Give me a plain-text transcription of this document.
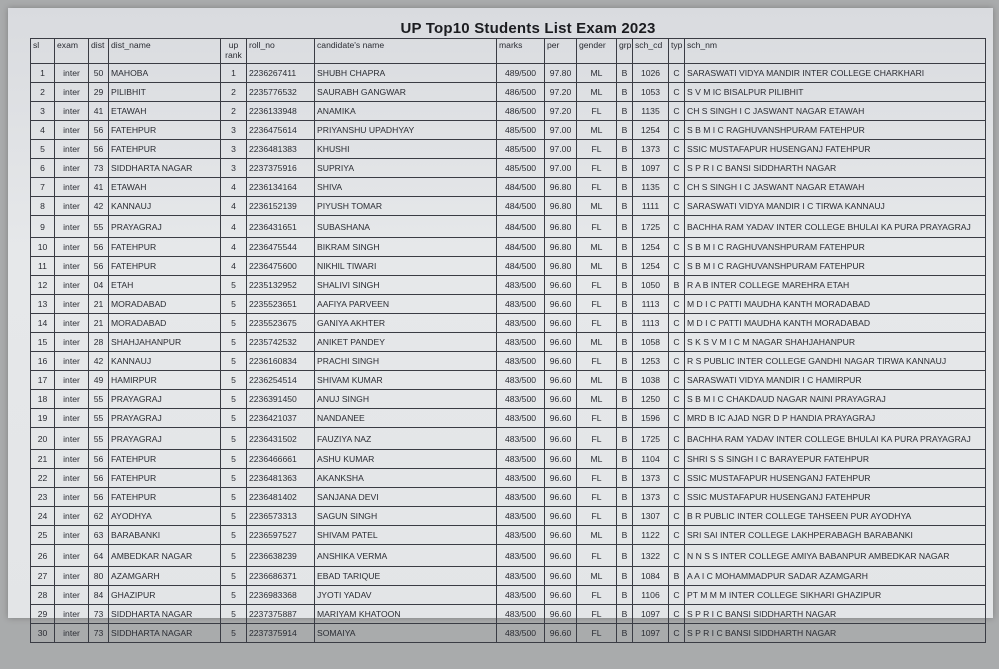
UP Top10 Students List Exam 2023
sl	exam	dist	dist_name	up rank	roll_no	candidate's name	marks	per	gender	grp	sch_cd	typ	sch_nm
1	inter	50	MAHOBA	1	2236267411	SHUBH CHAPRA	489/500	97.80	ML	B	1026	C	SARASWATI VIDYA MANDIR INTER COLLEGE CHARKHARI
2	inter	29	PILIBHIT	2	2235776532	SAURABH GANGWAR	486/500	97.20	ML	B	1053	C	S V M IC BISALPUR PILIBHIT
3	inter	41	ETAWAH	2	2236133948	ANAMIKA	486/500	97.20	FL	B	1135	C	CH S SINGH I C JASWANT NAGAR ETAWAH
4	inter	56	FATEHPUR	3	2236475614	PRIYANSHU UPADHYAY	485/500	97.00	ML	B	1254	C	S B M I C RAGHUVANSHPURAM FATEHPUR
5	inter	56	FATEHPUR	3	2236481383	KHUSHI	485/500	97.00	FL	B	1373	C	SSIC MUSTAFAPUR HUSENGANJ FATEHPUR
6	inter	73	SIDDHARTA NAGAR	3	2237375916	SUPRIYA	485/500	97.00	FL	B	1097	C	S P R I C BANSI SIDDHARTH NAGAR
7	inter	41	ETAWAH	4	2236134164	SHIVA	484/500	96.80	FL	B	1135	C	CH S SINGH I C JASWANT NAGAR ETAWAH
8	inter	42	KANNAUJ	4	2236152139	PIYUSH TOMAR	484/500	96.80	ML	B	1111	C	SARASWATI VIDYA MANDIR I C TIRWA KANNAUJ
9	inter	55	PRAYAGRAJ	4	2236431651	SUBASHANA	484/500	96.80	FL	B	1725	C	BACHHA RAM YADAV INTER COLLEGE BHULAI KA PURA PRAYAGRAJ
10	inter	56	FATEHPUR	4	2236475544	BIKRAM SINGH	484/500	96.80	ML	B	1254	C	S B M I C RAGHUVANSHPURAM FATEHPUR
11	inter	56	FATEHPUR	4	2236475600	NIKHIL TIWARI	484/500	96.80	ML	B	1254	C	S B M I C RAGHUVANSHPURAM FATEHPUR
12	inter	04	ETAH	5	2235132952	SHALIVI SINGH	483/500	96.60	FL	B	1050	B	R A B INTER COLLEGE MAREHRA ETAH
13	inter	21	MORADABAD	5	2235523651	AAFIYA PARVEEN	483/500	96.60	FL	B	1113	C	M D I C PATTI MAUDHA KANTH MORADABAD
14	inter	21	MORADABAD	5	2235523675	GANIYA AKHTER	483/500	96.60	FL	B	1113	C	M D I C PATTI MAUDHA KANTH MORADABAD
15	inter	28	SHAHJAHANPUR	5	2235742532	ANIKET PANDEY	483/500	96.60	ML	B	1058	C	S K S V M I C M NAGAR SHAHJAHANPUR
16	inter	42	KANNAUJ	5	2236160834	PRACHI SINGH	483/500	96.60	FL	B	1253	C	R S PUBLIC INTER COLLEGE GANDHI NAGAR TIRWA KANNAUJ
17	inter	49	HAMIRPUR	5	2236254514	SHIVAM KUMAR	483/500	96.60	ML	B	1038	C	SARASWATI VIDYA MANDIR I C HAMIRPUR
18	inter	55	PRAYAGRAJ	5	2236391450	ANUJ SINGH	483/500	96.60	ML	B	1250	C	S B M I C CHAKDAUD NAGAR NAINI PRAYAGRAJ
19	inter	55	PRAYAGRAJ	5	2236421037	NANDANEE	483/500	96.60	FL	B	1596	C	MRD B IC AJAD NGR D P HANDIA PRAYAGRAJ
20	inter	55	PRAYAGRAJ	5	2236431502	FAUZIYA NAZ	483/500	96.60	FL	B	1725	C	BACHHA RAM YADAV INTER COLLEGE BHULAI KA PURA PRAYAGRAJ
21	inter	56	FATEHPUR	5	2236466661	ASHU KUMAR	483/500	96.60	ML	B	1104	C	SHRI S S SINGH I C BARAYEPUR FATEHPUR
22	inter	56	FATEHPUR	5	2236481363	AKANKSHA	483/500	96.60	FL	B	1373	C	SSIC MUSTAFAPUR HUSENGANJ FATEHPUR
23	inter	56	FATEHPUR	5	2236481402	SANJANA DEVI	483/500	96.60	FL	B	1373	C	SSIC MUSTAFAPUR HUSENGANJ FATEHPUR
24	inter	62	AYODHYA	5	2236573313	SAGUN SINGH	483/500	96.60	FL	B	1307	C	B R PUBLIC INTER COLLEGE TAHSEEN PUR AYODHYA
25	inter	63	BARABANKI	5	2236597527	SHIVAM PATEL	483/500	96.60	ML	B	1122	C	SRI SAI INTER COLLEGE LAKHPERABAGH BARABANKI
26	inter	64	AMBEDKAR NAGAR	5	2236638239	ANSHIKA VERMA	483/500	96.60	FL	B	1322	C	N N S S INTER COLLEGE AMIYA BABANPUR AMBEDKAR NAGAR
27	inter	80	AZAMGARH	5	2236686371	EBAD TARIQUE	483/500	96.60	ML	B	1084	B	A A I C MOHAMMADPUR SADAR AZAMGARH
28	inter	84	GHAZIPUR	5	2236983368	JYOTI YADAV	483/500	96.60	FL	B	1106	C	PT M M M INTER COLLEGE SIKHARI GHAZIPUR
29	inter	73	SIDDHARTA NAGAR	5	2237375887	MARIYAM KHATOON	483/500	96.60	FL	B	1097	C	S P R I C BANSI SIDDHARTH NAGAR
30	inter	73	SIDDHARTA NAGAR	5	2237375914	SOMAIYA	483/500	96.60	FL	B	1097	C	S P R I C BANSI SIDDHARTH NAGAR
